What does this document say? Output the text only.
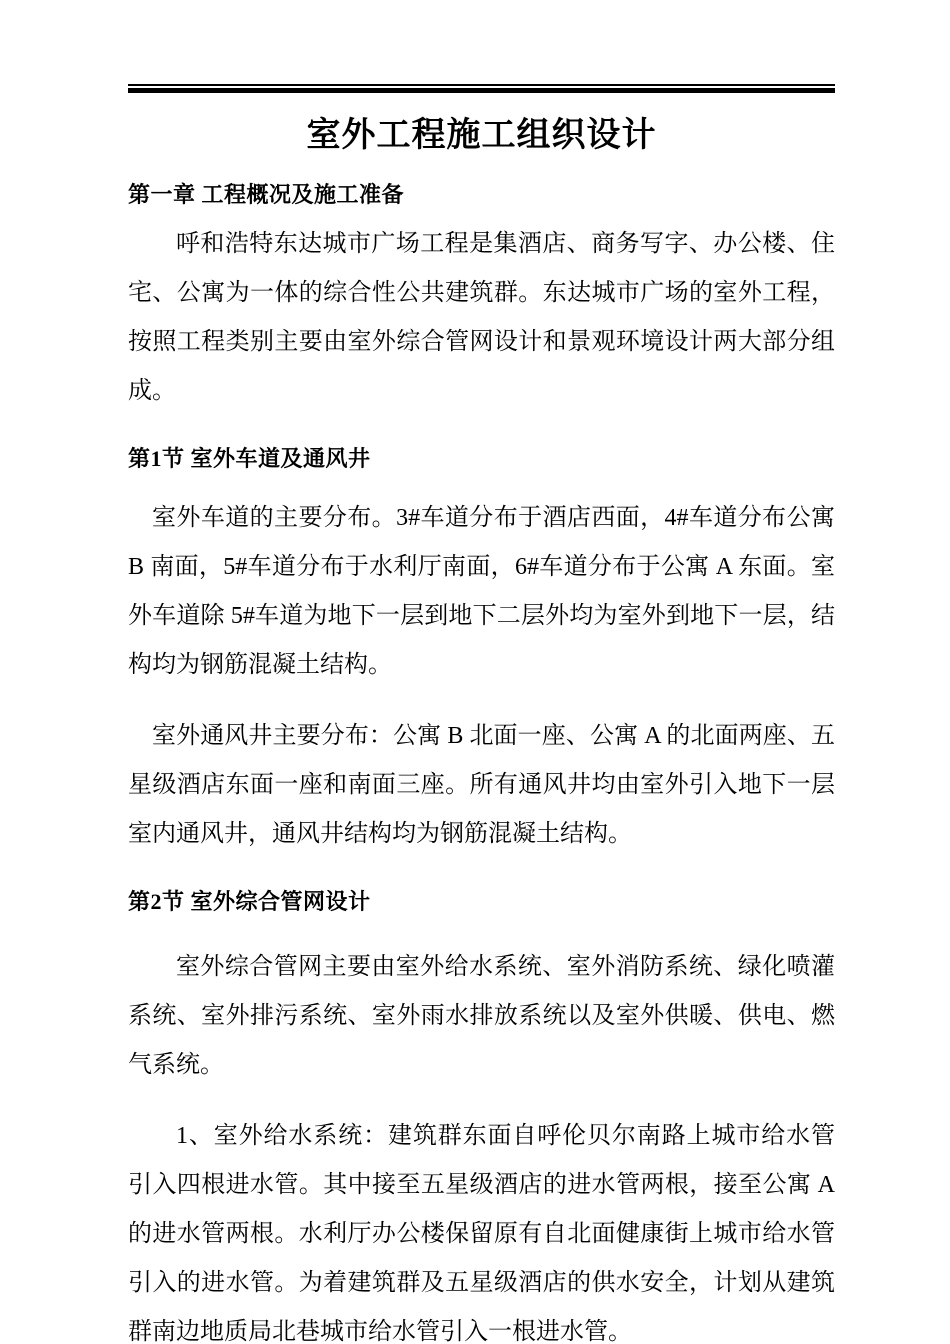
室外工程施工组织设计
第一章 工程概况及施工准备

呼和浩特东达城市广场工程是集酒店、商务写字、办公楼、住宅、公寓为一体的综合性公共建筑群。东达城市广场的室外工程，按照工程类别主要由室外综合管网设计和景观环境设计两大部分组成。

第1节 室外车道及通风井

室外车道的主要分布。3#车道分布于酒店西面，4#车道分布公寓 B 南面，5#车道分布于水利厅南面，6#车道分布于公寓 A 东面。室外车道除 5#车道为地下一层到地下二层外均为室外到地下一层，结构均为钢筋混凝土结构。

室外通风井主要分布：公寓 B 北面一座、公寓 A 的北面两座、五星级酒店东面一座和南面三座。所有通风井均由室外引入地下一层室内通风井，通风井结构均为钢筋混凝土结构。

第2节 室外综合管网设计

室外综合管网主要由室外给水系统、室外消防系统、绿化喷灌系统、室外排污系统、室外雨水排放系统以及室外供暖、供电、燃气系统。

1、室外给水系统：建筑群东面自呼伦贝尔南路上城市给水管引入四根进水管。其中接至五星级酒店的进水管两根，接至公寓 A 的进水管两根。水利厅办公楼保留原有自北面健康街上城市给水管引入的进水管。为着建筑群及五星级酒店的供水安全，计划从建筑群南边地质局北巷城市给水管引入一根进水管。
